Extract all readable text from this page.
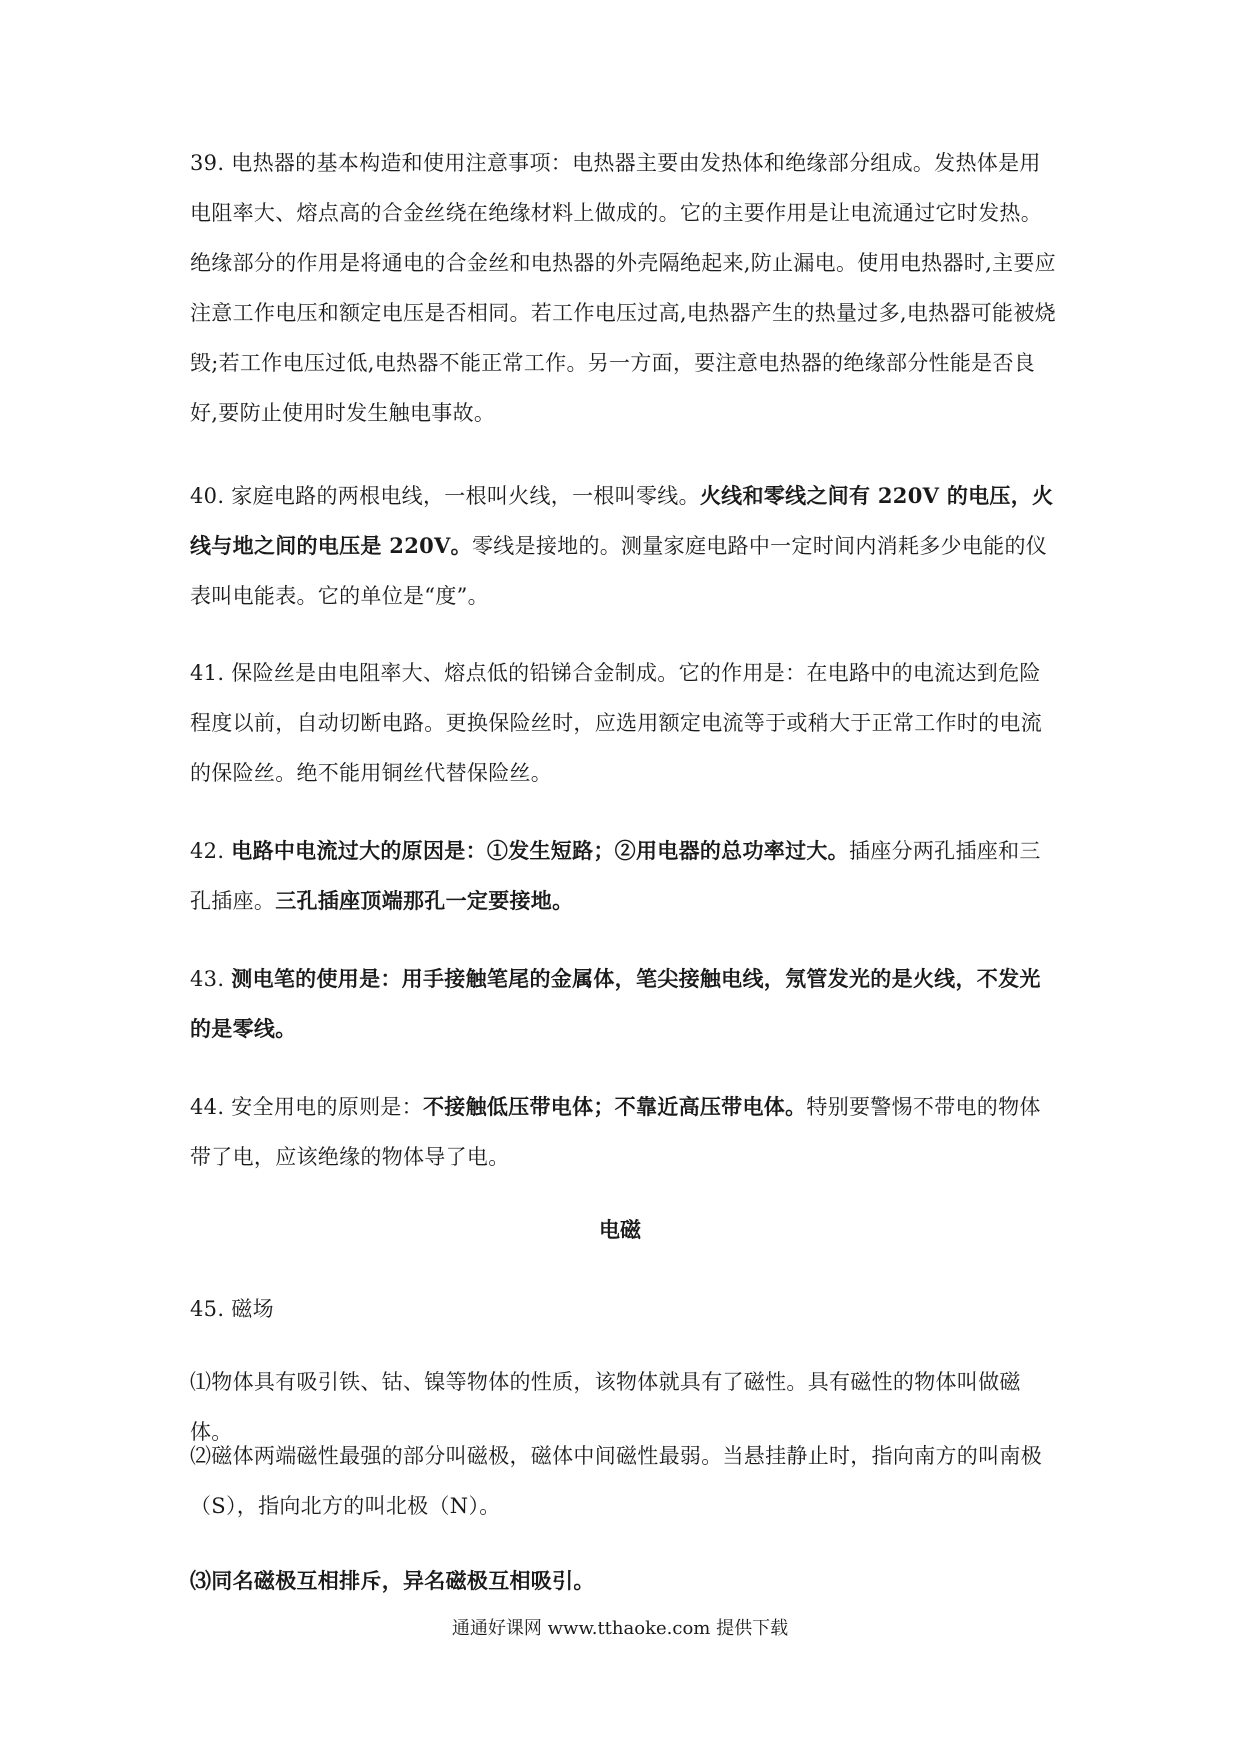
39. 电热器的基本构造和使用注意事项：电热器主要由发热体和绝缘部分组成。发热体是用电阻率大、熔点高的合金丝绕在绝缘材料上做成的。它的主要作用是让电流通过它时发热。绝缘部分的作用是将通电的合金丝和电热器的外壳隔绝起来,防止漏电。使用电热器时,主要应注意工作电压和额定电压是否相同。若工作电压过高,电热器产生的热量过多,电热器可能被烧毁;若工作电压过低,电热器不能正常工作。另一方面，要注意电热器的绝缘部分性能是否良好,要防止使用时发生触电事故。

40. 家庭电路的两根电线，一根叫火线，一根叫零线。火线和零线之间有 220V 的电压，火线与地之间的电压是 220V。零线是接地的。测量家庭电路中一定时间内消耗多少电能的仪表叫电能表。它的单位是“度”。

41. 保险丝是由电阻率大、熔点低的铅锑合金制成。它的作用是：在电路中的电流达到危险程度以前，自动切断电路。更换保险丝时，应选用额定电流等于或稍大于正常工作时的电流的保险丝。绝不能用铜丝代替保险丝。

42. 电路中电流过大的原因是：①发生短路；②用电器的总功率过大。插座分两孔插座和三孔插座。三孔插座顶端那孔一定要接地。

43. 测电笔的使用是：用手接触笔尾的金属体，笔尖接触电线，氖管发光的是火线，不发光的是零线。

44. 安全用电的原则是：不接触低压带电体；不靠近高压带电体。特别要警惕不带电的物体带了电，应该绝缘的物体导了电。

电磁

45. 磁场

⑴物体具有吸引铁、钴、镍等物体的性质，该物体就具有了磁性。具有磁性的物体叫做磁体。

⑵磁体两端磁性最强的部分叫磁极，磁体中间磁性最弱。当悬挂静止时，指向南方的叫南极（S），指向北方的叫北极（N）。

⑶同名磁极互相排斥，异名磁极互相吸引。

通通好课网 www.tthaoke.com 提供下载
